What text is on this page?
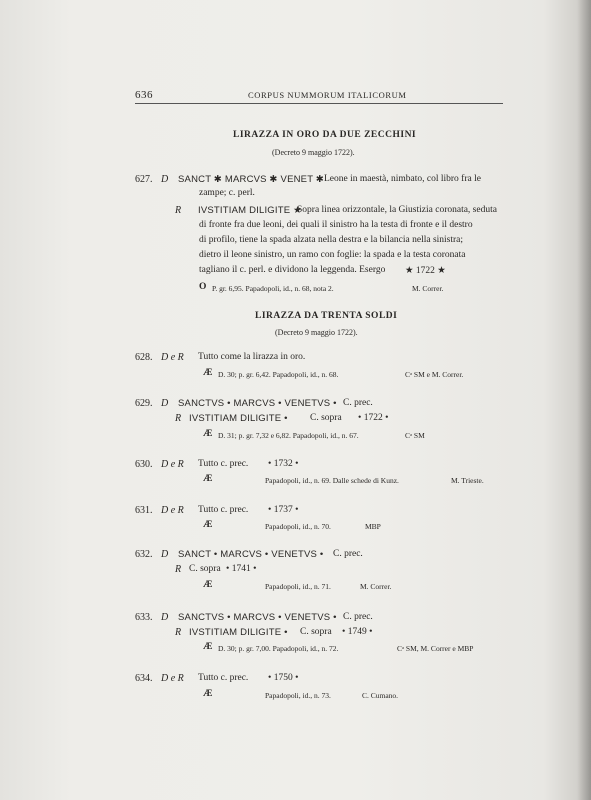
636	CORPUS NUMMORUM ITALICORUM
LIRAZZA IN ORO DA DUE ZECCHINI
(Decreto 9 maggio 1722).
627. D SANCT ✱ MARCVS ✱ VENET ✱ Leone in maestà, nimbato, col libro fra le
zampe; c. perl.
R IVSTITIAM DILIGITE ★
Sopra linea orizzontale, la Giustizia coronata, seduta
di fronte fra due leoni, dei quali il sinistro ha la testa di fronte e il destro
di profilo, tiene la spada alzata nella destra e la bilancia nella sinistra;
dietro il leone sinistro, un ramo con foglie: la spada e la testa coronata
tagliano il c. perl. e dividono la leggenda. Esergo ★ 1722 ★
O P. gr. 6,95. Papadopoli, id., n. 68, nota 2.	M. Correr.
LIRAZZA DA TRENTA SOLDI
(Decreto 9 maggio 1722).
628. D e R Tutto come la lirazza in oro.
Æ D. 30; p. gr. 6,42. Papadopoli, id., n. 68.	Cᵃ SM e M. Correr.
629. D SANCTVS • MARCVS • VENETVS • C. prec.
R IVSTITIAM DILIGITE • C. sopra • 1722 •
Æ D. 31; p. gr. 7,32 e 6,82. Papadopoli, id., n. 67.	Cᵃ SM
630. D e R Tutto c. prec. • 1732 •
Æ	Papadopoli, id., n. 69. Dalle schede di Kunz.	M. Trieste.
631. D e R Tutto c. prec. • 1737 •
Æ	Papadopoli, id., n. 70.	MBP
632. D SANCT • MARCVS • VENETVS • C. prec.
R C. sopra • 1741 •
Æ	Papadopoli, id., n. 71.	M. Correr.
633. D SANCTVS • MARCVS • VENETVS • C. prec.
R IVSTITIAM DILIGITE • C. sopra • 1749 •
Æ D. 30; p. gr. 7,00. Papadopoli, id., n. 72.	Cᵃ SM, M. Correr e MBP
634. D e R Tutto c. prec. • 1750 •
Æ	Papadopoli, id., n. 73.	C. Cumano.
